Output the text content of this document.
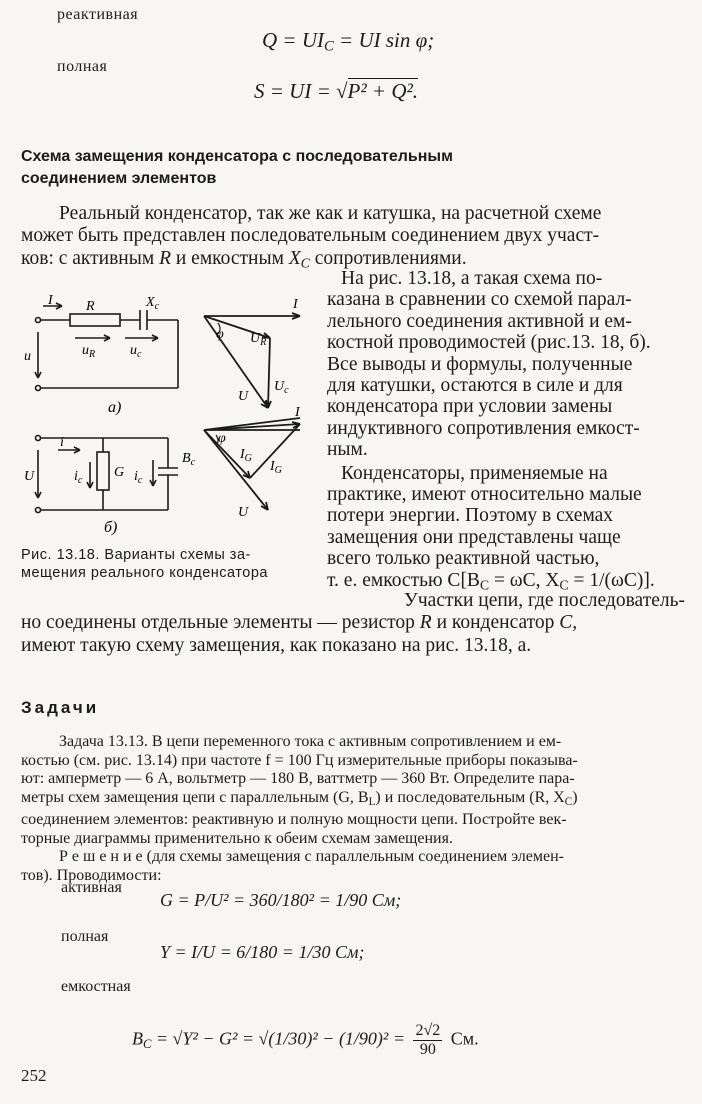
реактивная
$Q = UI_C$ = UI sin φ;
полная
S = UI = √P² + Q².
Схема замещения конденсатора с последовательным
соединением элементов
Реальный конденсатор, так же как и катушка, на расчетной схеме
может быть представлен последовательным соединением двух участ-
ков: с активным R и емкостным $X_C$ сопротивлениями.
На рис. 13.18, а такая схема по-
казана в сравнении со схемой парал-
лельного соединения активной и ем-
костной проводимостей (рис.13. 18, б).
Все выводы и формулы, полученные
для катушки, остаются в силе и для
конденсатора при условии замены
индуктивного сопротивления емкост-
ным.
Конденсаторы, применяемые на
практике, имеют относительно малые
потери энергии. Поэтому в схемах
замещения они представлены чаще
всего только реактивной частью,
т. е. емкостью $C[B_C = \omega C$, $X_C = 1/(\omega C)$].
I R	$X_c$
u	$u_R$ $u_c$
а)
I
φ $U_R$
$U_c$
U
i
U	$i_c$
G $i_c$
$B_c$
б)
I
φ
$I_G$
$I_G$
U
Рис. 13.18. Варианты схемы за-
мещения реального конденсатора
Участки цепи, где последователь-
но соединены отдельные элементы — резистор R и конденсатор C,
имеют такую схему замещения, как показано на рис. 13.18, а.
Задачи
Задача 13.13. В цепи переменного тока с активным сопротивлением и ем-
костью (см. рис. 13.14) при частоте f = 100 Гц измерительные приборы показыва-
ют: амперметр — 6 А, вольтметр — 180 В, ваттметр — 360 Вт. Определите пара-
метры схем замещения цепи с параллельным (G, $B_L$) и последовательным (R, $X_C$)
соединением элементов: реактивную и полную мощности цепи. Постройте век-
торные диаграммы применительно к обеим схемам замещения.
Р е ш е н и е (для схемы замещения с параллельным соединением элемен-
тов). Проводимости:
активная
G = P/U² = 360/180² = 1/90 См;
полная
Y = I/U = 6/180 = 1/30 См;
емкостная
$B_C = √Y^2 - G^2 = √(1/30)^2 - (1/90)^2 = \frac{2√2}{90}$ См.
252
